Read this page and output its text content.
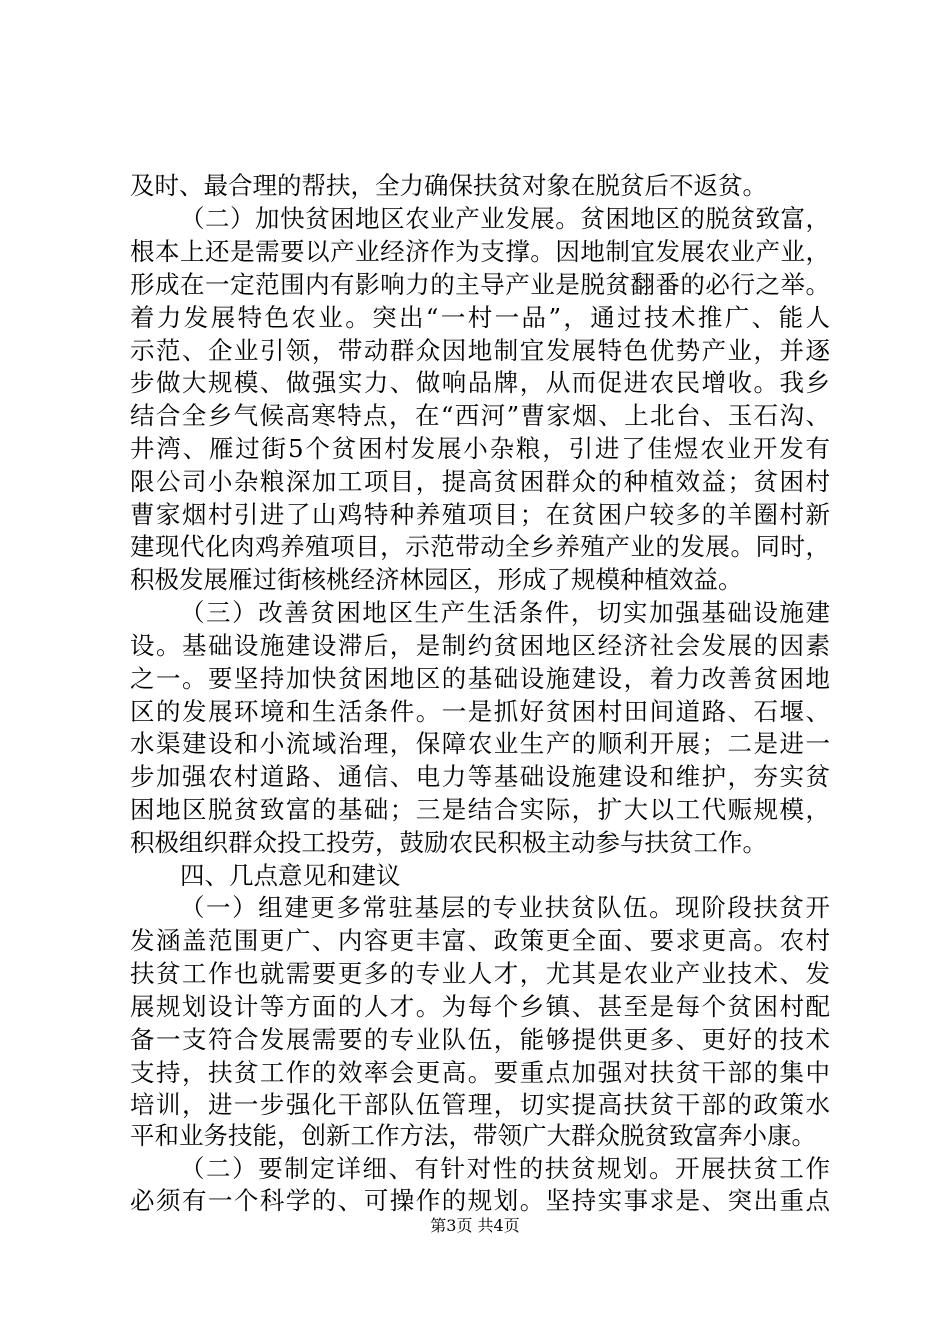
及时、最合理的帮扶，全力确保扶贫对象在脱贫后不返贫。
（二）加快贫困地区农业产业发展。贫困地区的脱贫致富，
根本上还是需要以产业经济作为支撑。因地制宜发展农业产业，
形成在一定范围内有影响力的主导产业是脱贫翻番的必行之举。
着力发展特色农业。突出“一村一品”，通过技术推广、能人
示范、企业引领，带动群众因地制宜发展特色优势产业，并逐
步做大规模、做强实力、做响品牌，从而促进农民增收。我乡
结合全乡气候高寒特点，在“西河”曹家烟、上北台、玉石沟、
井湾、雁过街5个贫困村发展小杂粮，引进了佳煜农业开发有
限公司小杂粮深加工项目，提高贫困群众的种植效益；贫困村
曹家烟村引进了山鸡特种养殖项目；在贫困户较多的羊圈村新
建现代化肉鸡养殖项目，示范带动全乡养殖产业的发展。同时，
积极发展雁过街核桃经济林园区，形成了规模种植效益。
（三）改善贫困地区生产生活条件，切实加强基础设施建
设。基础设施建设滞后，是制约贫困地区经济社会发展的因素
之一。要坚持加快贫困地区的基础设施建设，着力改善贫困地
区的发展环境和生活条件。一是抓好贫困村田间道路、石堰、
水渠建设和小流域治理，保障农业生产的顺利开展；二是进一
步加强农村道路、通信、电力等基础设施建设和维护，夯实贫
困地区脱贫致富的基础；三是结合实际，扩大以工代赈规模，
积极组织群众投工投劳，鼓励农民积极主动参与扶贫工作。
四、几点意见和建议
（一）组建更多常驻基层的专业扶贫队伍。现阶段扶贫开
发涵盖范围更广、内容更丰富、政策更全面、要求更高。农村
扶贫工作也就需要更多的专业人才，尤其是农业产业技术、发
展规划设计等方面的人才。为每个乡镇、甚至是每个贫困村配
备一支符合发展需要的专业队伍，能够提供更多、更好的技术
支持，扶贫工作的效率会更高。要重点加强对扶贫干部的集中
培训，进一步强化干部队伍管理，切实提高扶贫干部的政策水
平和业务技能，创新工作方法，带领广大群众脱贫致富奔小康。
（二）要制定详细、有针对性的扶贫规划。开展扶贫工作
必须有一个科学的、可操作的规划。坚持实事求是、突出重点
第3页 共4页
